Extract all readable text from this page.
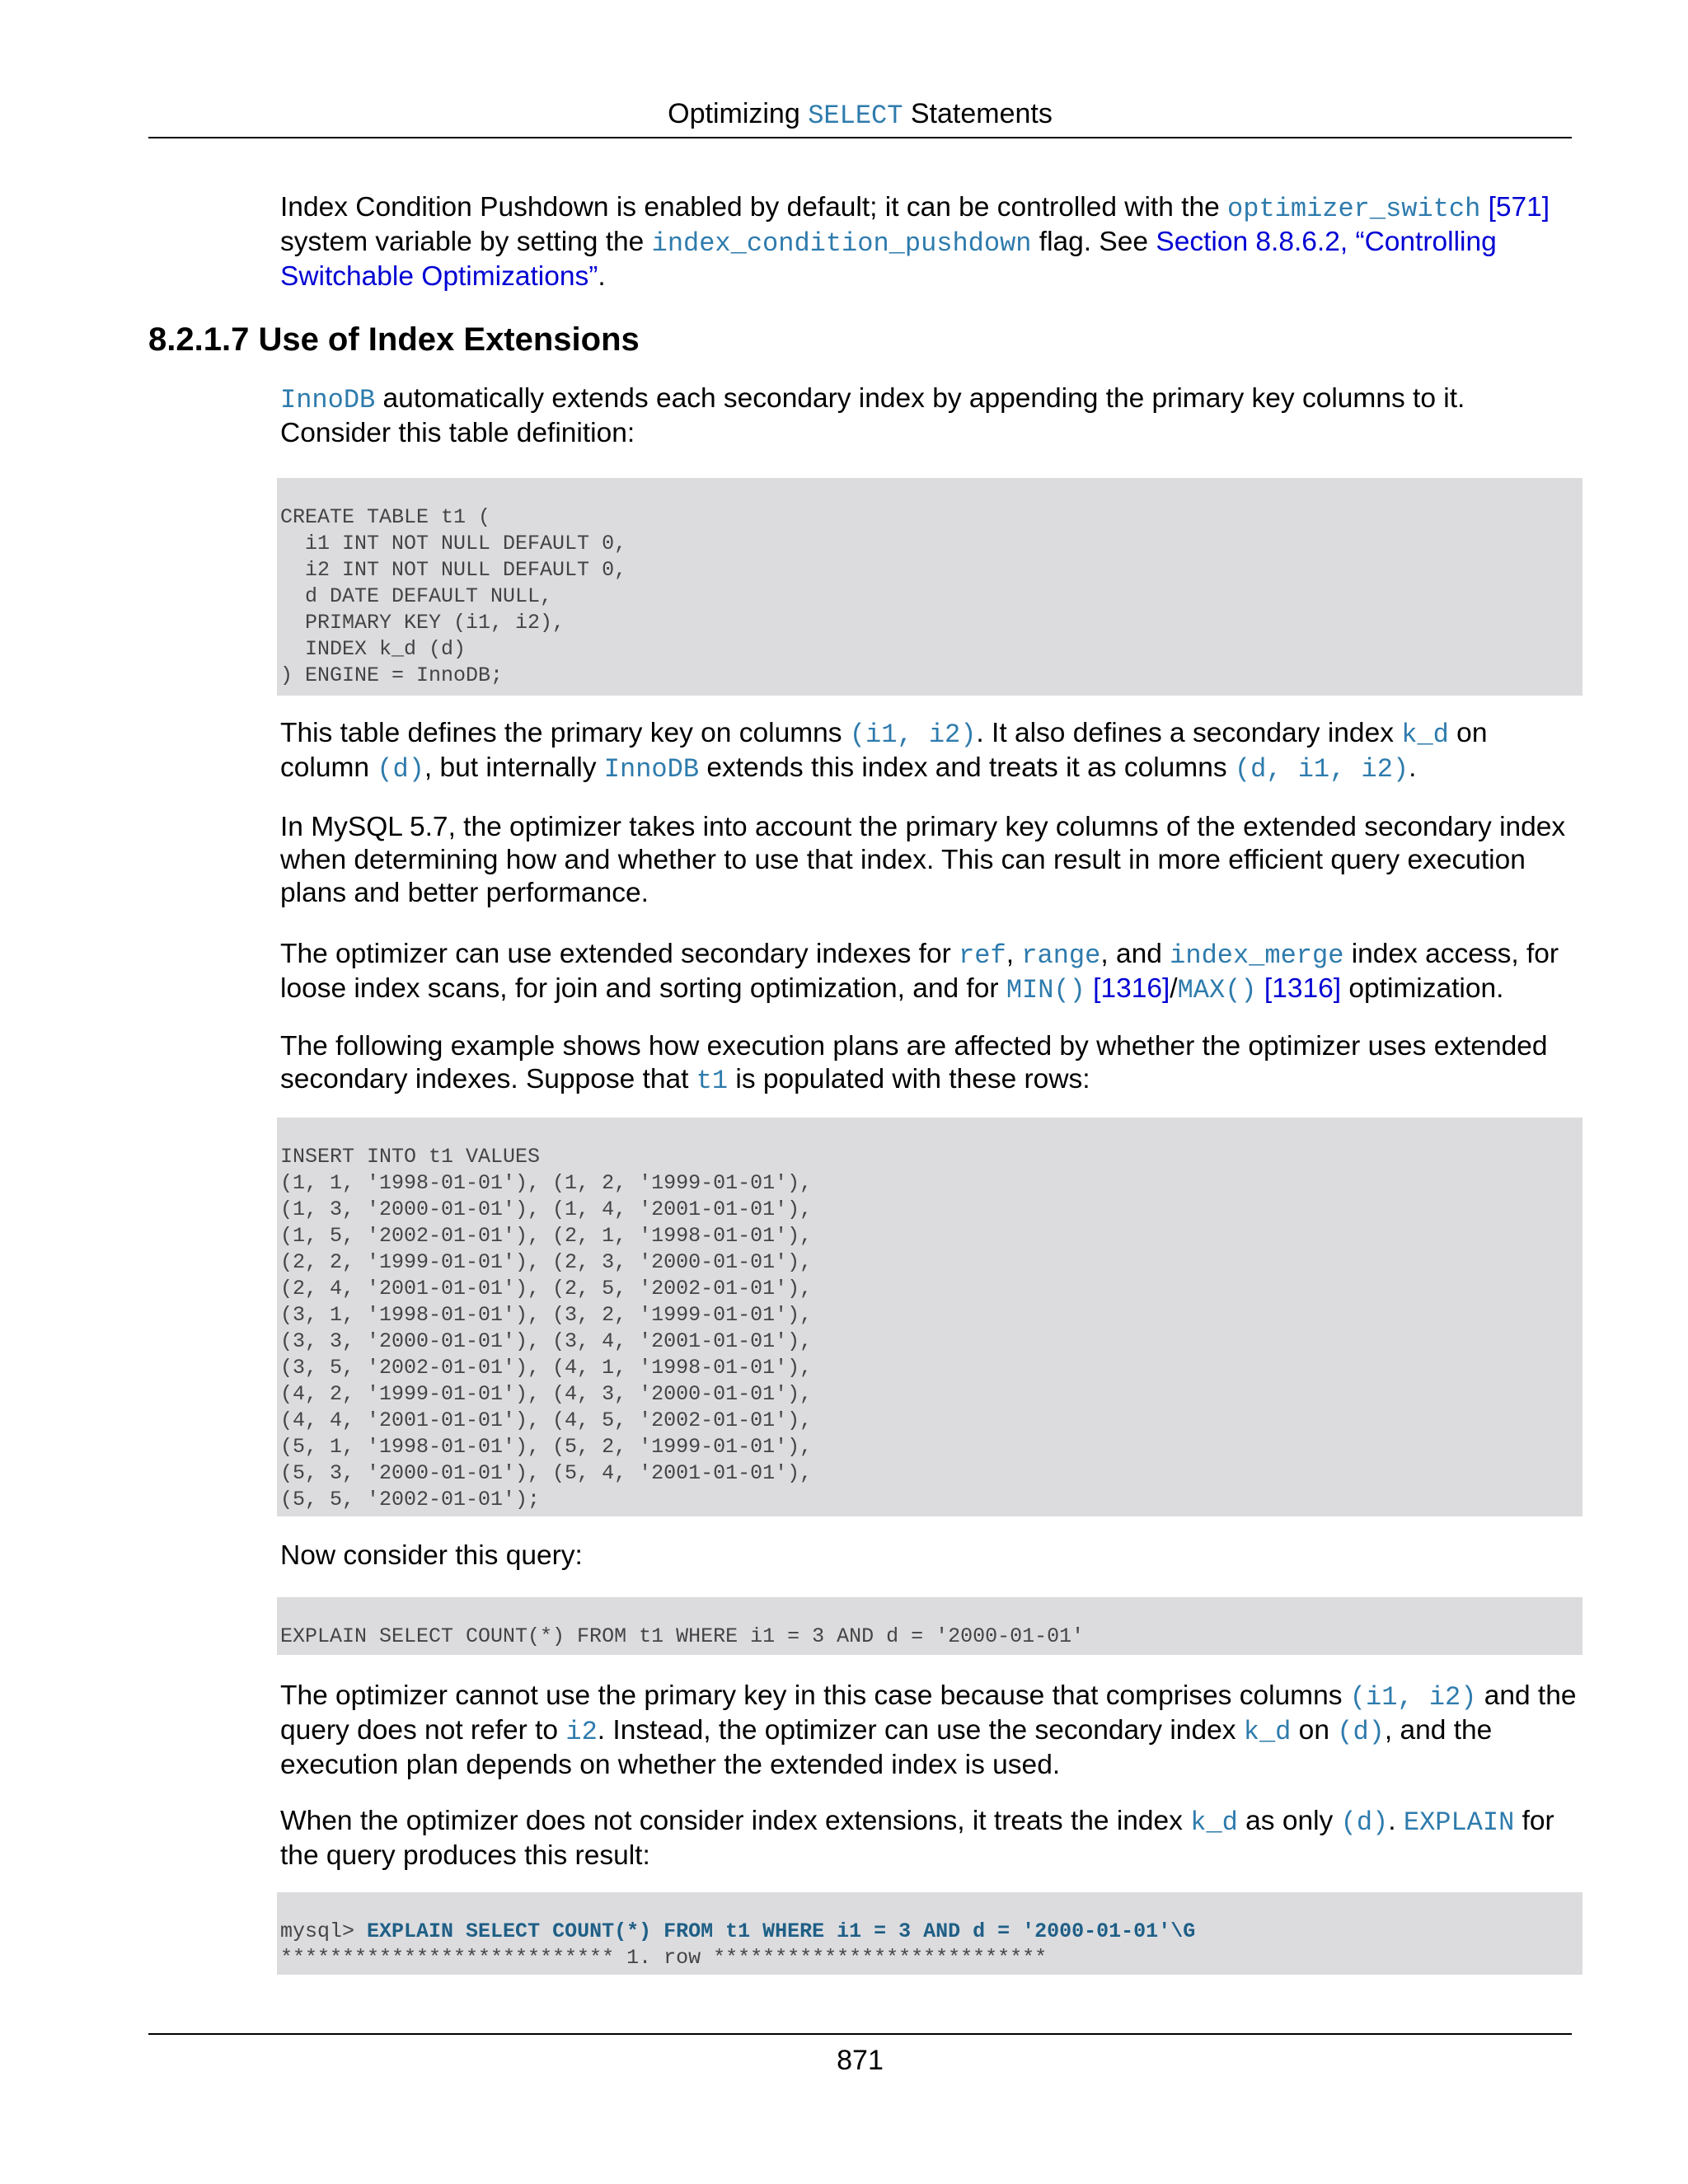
Optimizing SELECT Statements

Index Condition Pushdown is enabled by default; it can be controlled with the optimizer_switch [571] system variable by setting the index_condition_pushdown flag. See Section 8.8.6.2, “Controlling Switchable Optimizations”.

8.2.1.7 Use of Index Extensions

InnoDB automatically extends each secondary index by appending the primary key columns to it. Consider this table definition:

CREATE TABLE t1 (
i1 INT NOT NULL DEFAULT 0,
i2 INT NOT NULL DEFAULT 0,
d DATE DEFAULT NULL,
PRIMARY KEY (i1, i2),
INDEX k_d (d)
) ENGINE = InnoDB;

This table defines the primary key on columns (i1, i2). It also defines a secondary index k_d on column (d), but internally InnoDB extends this index and treats it as columns (d, i1, i2).

In MySQL 5.7, the optimizer takes into account the primary key columns of the extended secondary index when determining how and whether to use that index. This can result in more efficient query execution plans and better performance.

The optimizer can use extended secondary indexes for ref, range, and index_merge index access, for loose index scans, for join and sorting optimization, and for MIN() [1316]/MAX() [1316] optimization.

The following example shows how execution plans are affected by whether the optimizer uses extended secondary indexes. Suppose that t1 is populated with these rows:

INSERT INTO t1 VALUES
(1, 1, '1998-01-01'), (1, 2, '1999-01-01'),
(1, 3, '2000-01-01'), (1, 4, '2001-01-01'),
(1, 5, '2002-01-01'), (2, 1, '1998-01-01'),
(2, 2, '1999-01-01'), (2, 3, '2000-01-01'),
(2, 4, '2001-01-01'), (2, 5, '2002-01-01'),
(3, 1, '1998-01-01'), (3, 2, '1999-01-01'),
(3, 3, '2000-01-01'), (3, 4, '2001-01-01'),
(3, 5, '2002-01-01'), (4, 1, '1998-01-01'),
(4, 2, '1999-01-01'), (4, 3, '2000-01-01'),
(4, 4, '2001-01-01'), (4, 5, '2002-01-01'),
(5, 1, '1998-01-01'), (5, 2, '1999-01-01'),
(5, 3, '2000-01-01'), (5, 4, '2001-01-01'),
(5, 5, '2002-01-01');

Now consider this query:

EXPLAIN SELECT COUNT(*) FROM t1 WHERE i1 = 3 AND d = '2000-01-01'

The optimizer cannot use the primary key in this case because that comprises columns (i1, i2) and the query does not refer to i2. Instead, the optimizer can use the secondary index k_d on (d), and the execution plan depends on whether the extended index is used.

When the optimizer does not consider index extensions, it treats the index k_d as only (d). EXPLAIN for the query produces this result:

mysql> EXPLAIN SELECT COUNT(*) FROM t1 WHERE i1 = 3 AND d = '2000-01-01'\G
*************************** 1. row ***************************
871
